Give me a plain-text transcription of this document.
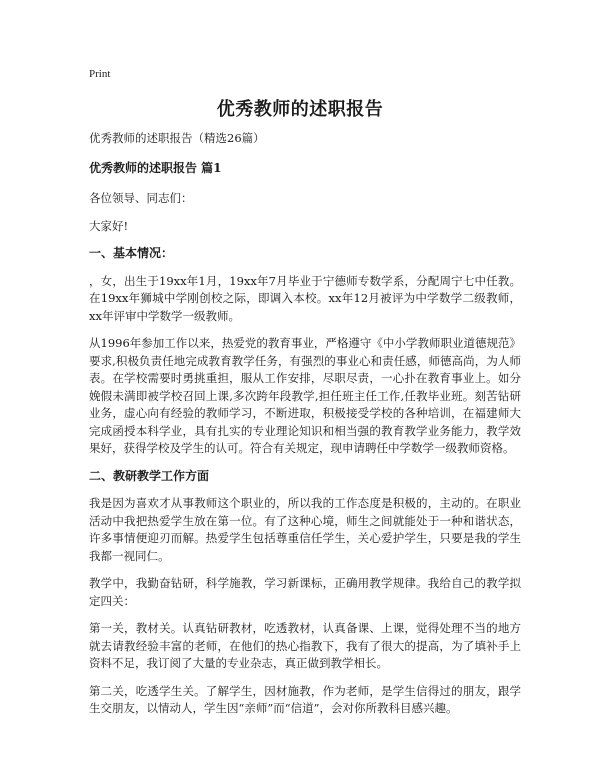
Print
优秀教师的述职报告

优秀教师的述职报告（精选26篇）

优秀教师的述职报告 篇1

各位领导、同志们：

大家好!

一、基本情况：

，女，出生于19xx年1月，19xx年7月毕业于宁德师专数学系，分配周宁七中任教。在19xx年狮城中学刚创校之际，即调入本校。xx年12月被评为中学数学二级教师，xx年评审中学数学一级教师。

从1996年参加工作以来，热爱党的教育事业，严格遵守《中小学教师职业道德规范》要求,积极负责任地完成教育教学任务，有强烈的事业心和责任感，师德高尚，为人师表。在学校需要时勇挑重担，服从工作安排，尽职尽责，一心扑在教育事业上。如分娩假未满即被学校召回上课,多次跨年段教学,担任班主任工作,任教毕业班。刻苦钻研业务，虚心向有经验的教师学习，不断进取，积极接受学校的各种培训，在福建师大完成函授本科学业，具有扎实的专业理论知识和相当强的教育教学业务能力，教学效果好，获得学校及学生的认可。符合有关规定，现申请聘任中学数学一级教师资格。

二、教研教学工作方面

我是因为喜欢才从事教师这个职业的，所以我的工作态度是积极的，主动的。在职业活动中我把热爱学生放在第一位。有了这种心境，师生之间就能处于一种和谐状态，许多事情便迎刃而解。热爱学生包括尊重信任学生，关心爱护学生，只要是我的学生我都一视同仁。

教学中，我勤奋钻研，科学施教，学习新课标，正确用教学规律。我给自己的教学拟定四关：

第一关，教材关。认真钻研教材，吃透教材，认真备课、上课，觉得处理不当的地方就去请教经验丰富的老师，在他们的热心指教下，我有了很大的提高，为了填补手上资料不足，我订阅了大量的专业杂志，真正做到教学相长。

第二关，吃透学生关。了解学生，因材施教，作为老师，是学生信得过的朋友，跟学生交朋友，以情动人，学生因“亲师”而“信道”，会对你所教科目感兴趣。
